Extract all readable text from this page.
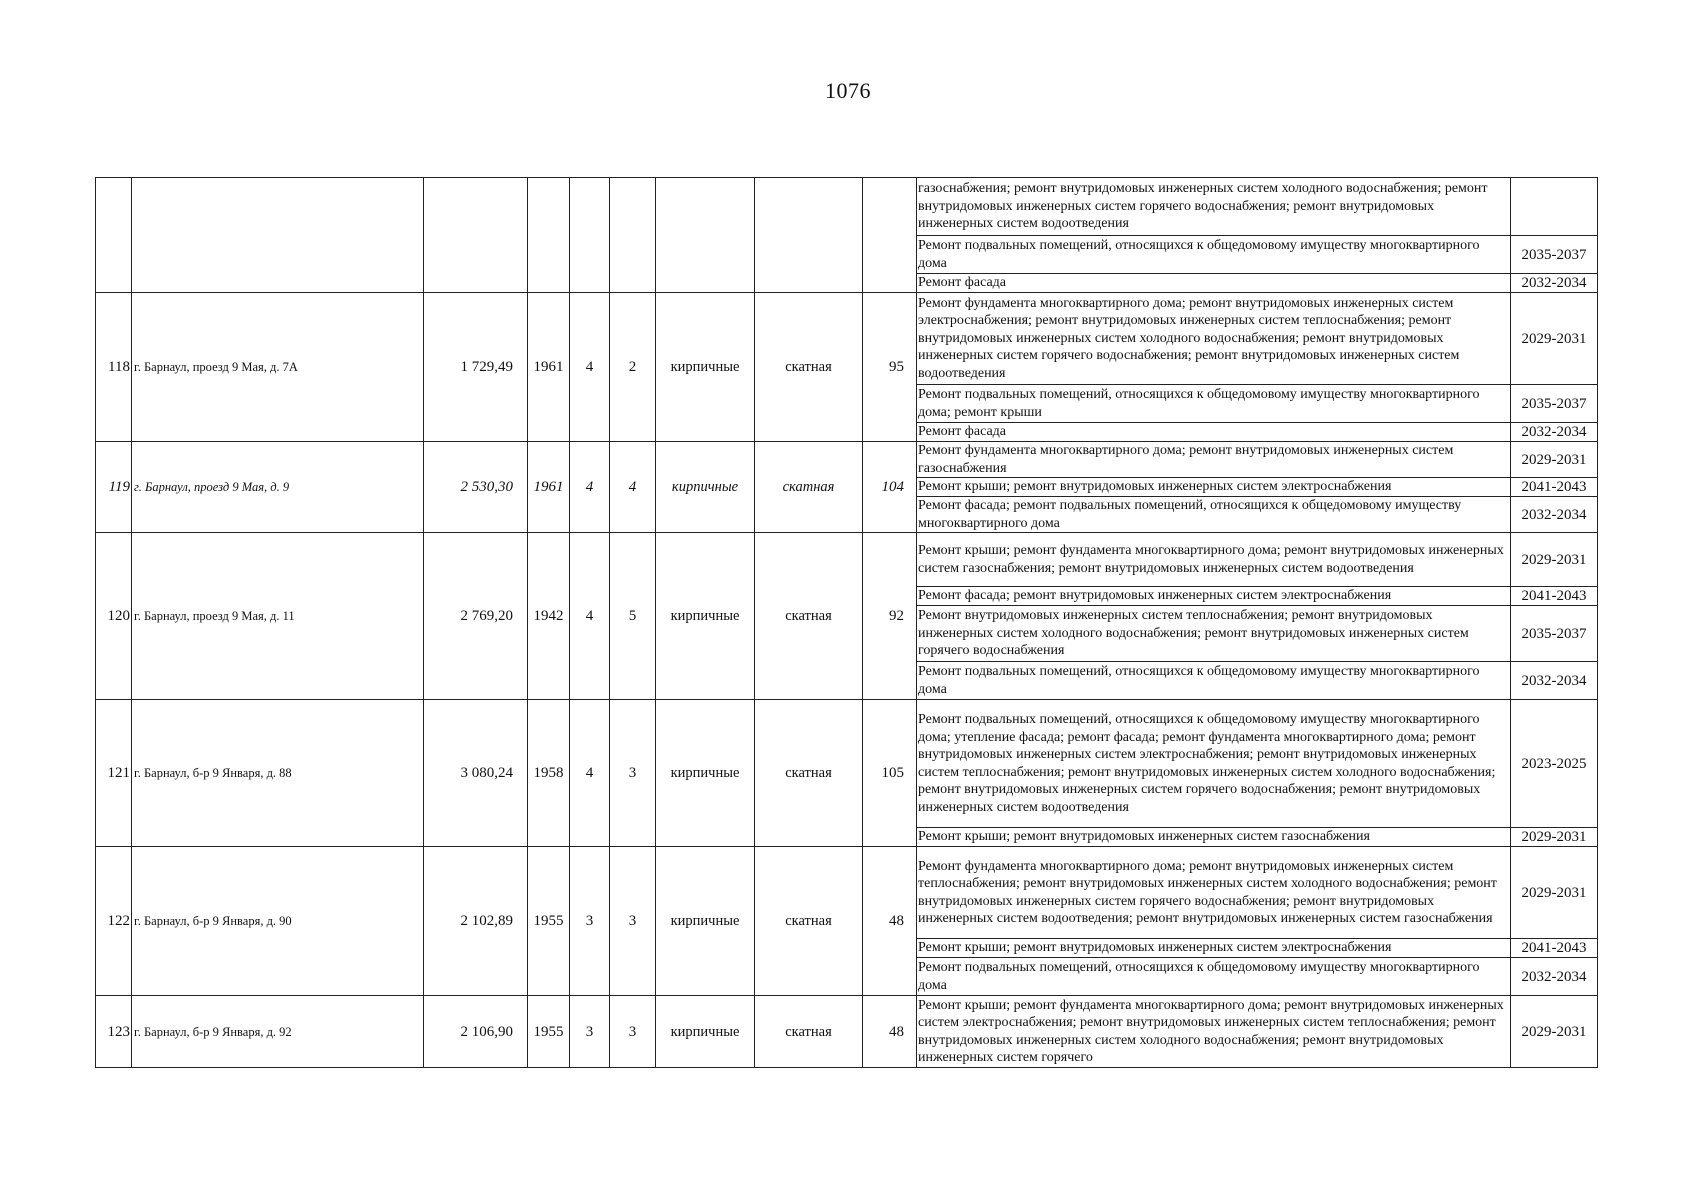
1076
									газоснабжения; ремонт внутридомовых инженерных систем холодного водоснабжения; ремонт внутридомовых инженерных систем горячего водоснабжения; ремонт внутридомовых инженерных систем водоотведения	
									Ремонт подвальных помещений, относящихся к общедомовому имуществу многоквартирного дома	2035-2037
									Ремонт фасада	2032-2034
118	г. Барнаул, проезд 9 Мая, д. 7А	1 729,49	1961	4	2	кирпичные	скатная	95	Ремонт фундамента многоквартирного дома; ремонт внутридомовых инженерных систем электроснабжения; ремонт внутридомовых инженерных систем теплоснабжения; ремонт внутридомовых инженерных систем холодного водоснабжения; ремонт внутридомовых инженерных систем горячего водоснабжения; ремонт внутридомовых инженерных систем водоотведения	2029-2031
									Ремонт подвальных помещений, относящихся к общедомовому имуществу многоквартирного дома; ремонт крыши	2035-2037
									Ремонт фасада	2032-2034
119	г. Барнаул, проезд 9 Мая, д. 9	2 530,30	1961	4	4	кирпичные	скатная	104	Ремонт фундамента многоквартирного дома; ремонт внутридомовых инженерных систем газоснабжения	2029-2031
									Ремонт крыши; ремонт внутридомовых инженерных систем электроснабжения	2041-2043
									Ремонт фасада; ремонт подвальных помещений, относящихся к общедомовому имуществу многоквартирного дома	2032-2034
120	г. Барнаул, проезд 9 Мая, д. 11	2 769,20	1942	4	5	кирпичные	скатная	92	Ремонт крыши; ремонт фундамента многоквартирного дома; ремонт внутридомовых инженерных систем газоснабжения; ремонт внутридомовых инженерных систем водоотведения	2029-2031
									Ремонт фасада; ремонт внутридомовых инженерных систем электроснабжения	2041-2043
									Ремонт внутридомовых инженерных систем теплоснабжения; ремонт внутридомовых инженерных систем холодного водоснабжения; ремонт внутридомовых инженерных систем горячего водоснабжения	2035-2037
									Ремонт подвальных помещений, относящихся к общедомовому имуществу многоквартирного дома	2032-2034
121	г. Барнаул, б-р 9 Января, д. 88	3 080,24	1958	4	3	кирпичные	скатная	105	Ремонт подвальных помещений, относящихся к общедомовому имуществу многоквартирного дома; утепление фасада; ремонт фасада; ремонт фундамента многоквартирного дома; ремонт внутридомовых инженерных систем электроснабжения; ремонт внутридомовых инженерных систем теплоснабжения; ремонт внутридомовых инженерных систем холодного водоснабжения; ремонт внутридомовых инженерных систем горячего водоснабжения; ремонт внутридомовых инженерных систем водоотведения	2023-2025
									Ремонт крыши; ремонт внутридомовых инженерных систем газоснабжения	2029-2031
122	г. Барнаул, б-р 9 Января, д. 90	2 102,89	1955	3	3	кирпичные	скатная	48	Ремонт фундамента многоквартирного дома; ремонт внутридомовых инженерных систем теплоснабжения; ремонт внутридомовых инженерных систем холодного водоснабжения; ремонт внутридомовых инженерных систем горячего водоснабжения; ремонт внутридомовых инженерных систем водоотведения; ремонт внутридомовых инженерных систем газоснабжения	2029-2031
									Ремонт крыши; ремонт внутридомовых инженерных систем электроснабжения	2041-2043
									Ремонт подвальных помещений, относящихся к общедомовому имуществу многоквартирного дома	2032-2034
123	г. Барнаул, б-р 9 Января, д. 92	2 106,90	1955	3	3	кирпичные	скатная	48	Ремонт крыши; ремонт фундамента многоквартирного дома; ремонт внутридомовых инженерных систем электроснабжения; ремонт внутридомовых инженерных систем теплоснабжения; ремонт внутридомовых инженерных систем холодного водоснабжения; ремонт внутридомовых инженерных систем горячего	2029-2031
